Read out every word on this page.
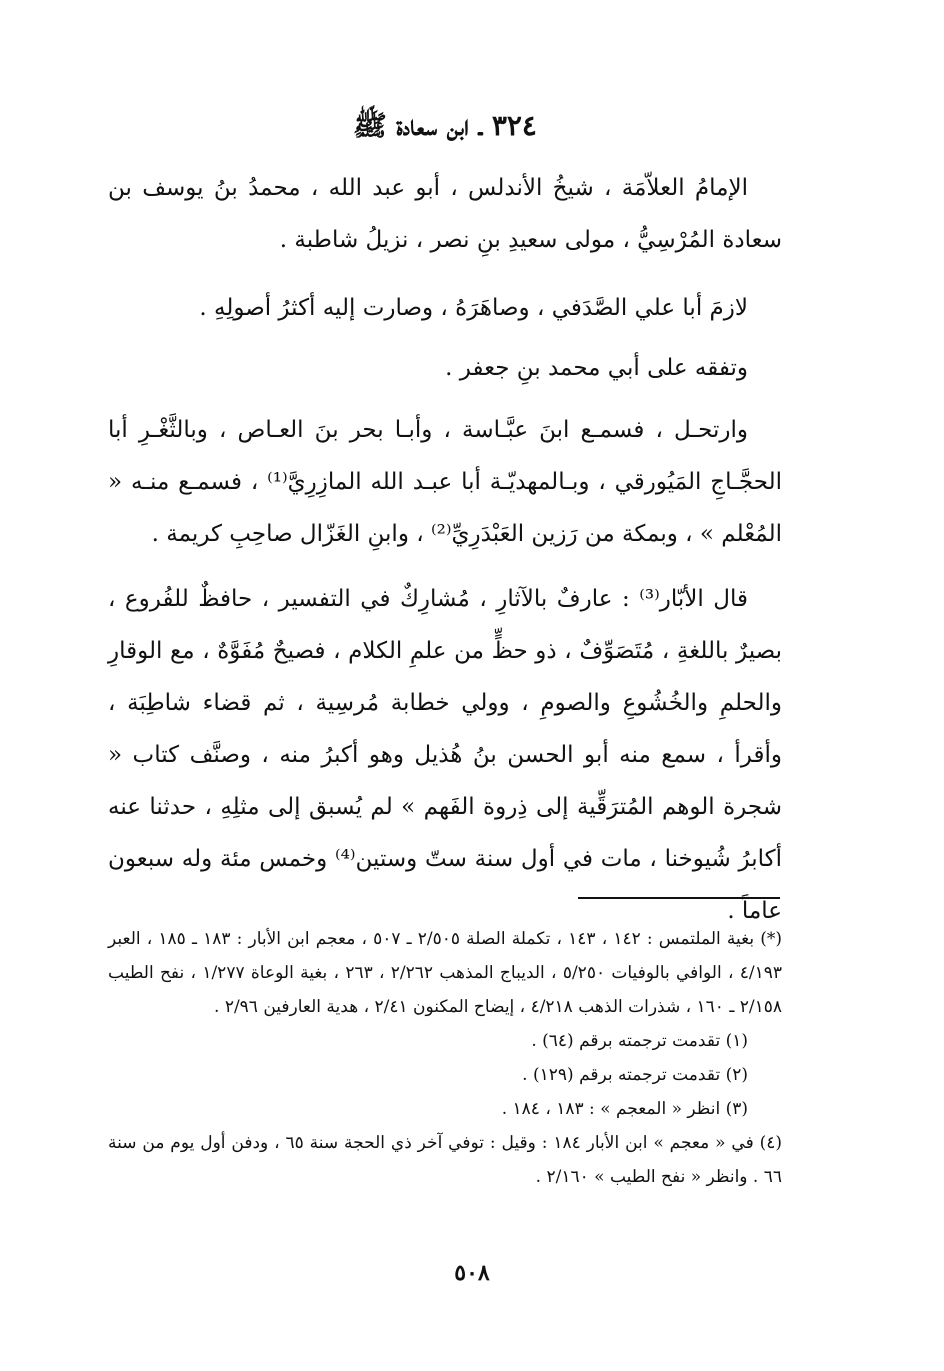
٣٢٤ ـ ابن سعادة ﷺ

الإمامُ العلاّمَة ، شيخُ الأندلس ، أبو عبد الله ، محمدُ بنُ يوسف بن سعادة المُرْسِيُّ ، مولى سعيدِ بنِ نصر ، نزيلُ شاطبة .

لازمَ أبا علي الصَّدَفي ، وصاهَرَهُ ، وصارت إليه أكثرُ أصولِهِ .

وتفقه على أبي محمد بنِ جعفر .

وارتحـل ، فسمـع ابنَ عبَّـاسة ، وأبـا بحر بنَ العـاص ، وبالثَّغْـرِ أبا الحجَّـاجِ المَيُورقي ، وبـالمهديّـة أبا عبـد الله المازِرِيَّ⁽¹⁾ ، فسمـع منـه « المُعْلم » ، وبمكة من رَزين العَبْدَرِيِّ⁽²⁾ ، وابنِ الغَزّال صاحِبِ كريمة .

قال الأبّار⁽³⁾ : عارفٌ بالآثارِ ، مُشارِكٌ في التفسير ، حافظٌ للفُروع ، بصيرٌ باللغةِ ، مُتَصَوِّفٌ ، ذو حظٍّ من علمِ الكلام ، فصيحٌ مُفَوَّهٌ ، مع الوقارِ والحلمِ والخُشُوعِ والصومِ ، وولي خطابة مُرسِية ، ثم قضاء شاطِبَة ، وأقرأ ، سمع منه أبو الحسن بنُ هُذيل وهو أكبرُ منه ، وصنَّف كتاب « شجرة الوهم المُترَقِّية إلى ذِروة الفَهم » لم يُسبق إلى مثلِهِ ، حدثنا عنه أكابرُ شُيوخنا ، مات في أول سنة ستّ وستين⁽⁴⁾ وخمس مئة وله سبعون عاماً .

(*) بغية الملتمس : ١٤٢ ، ١٤٣ ، تكملة الصلة ٢/٥٠٥ ـ ٥٠٧ ، معجم ابن الأبار : ١٨٣ ـ ١٨٥ ، العبر ٤/١٩٣ ، الوافي بالوفيات ٥/٢٥٠ ، الديباج المذهب ٢/٢٦٢ ، ٢٦٣ ، بغية الوعاة ١/٢٧٧ ، نفح الطيب ٢/١٥٨ ـ ١٦٠ ، شذرات الذهب ٤/٢١٨ ، إيضاح المكنون ٢/٤١ ، هدية العارفين ٢/٩٦ .

(١) تقدمت ترجمته برقم (٦٤) .

(٢) تقدمت ترجمته برقم (١٢٩) .

(٣) انظر « المعجم » : ١٨٣ ، ١٨٤ .

(٤) في « معجم » ابن الأبار ١٨٤ : وقيل : توفي آخر ذي الحجة سنة ٦٥ ، ودفن أول يوم من سنة ٦٦ . وانظر « نفح الطيب » ٢/١٦٠ .

٥٠٨
